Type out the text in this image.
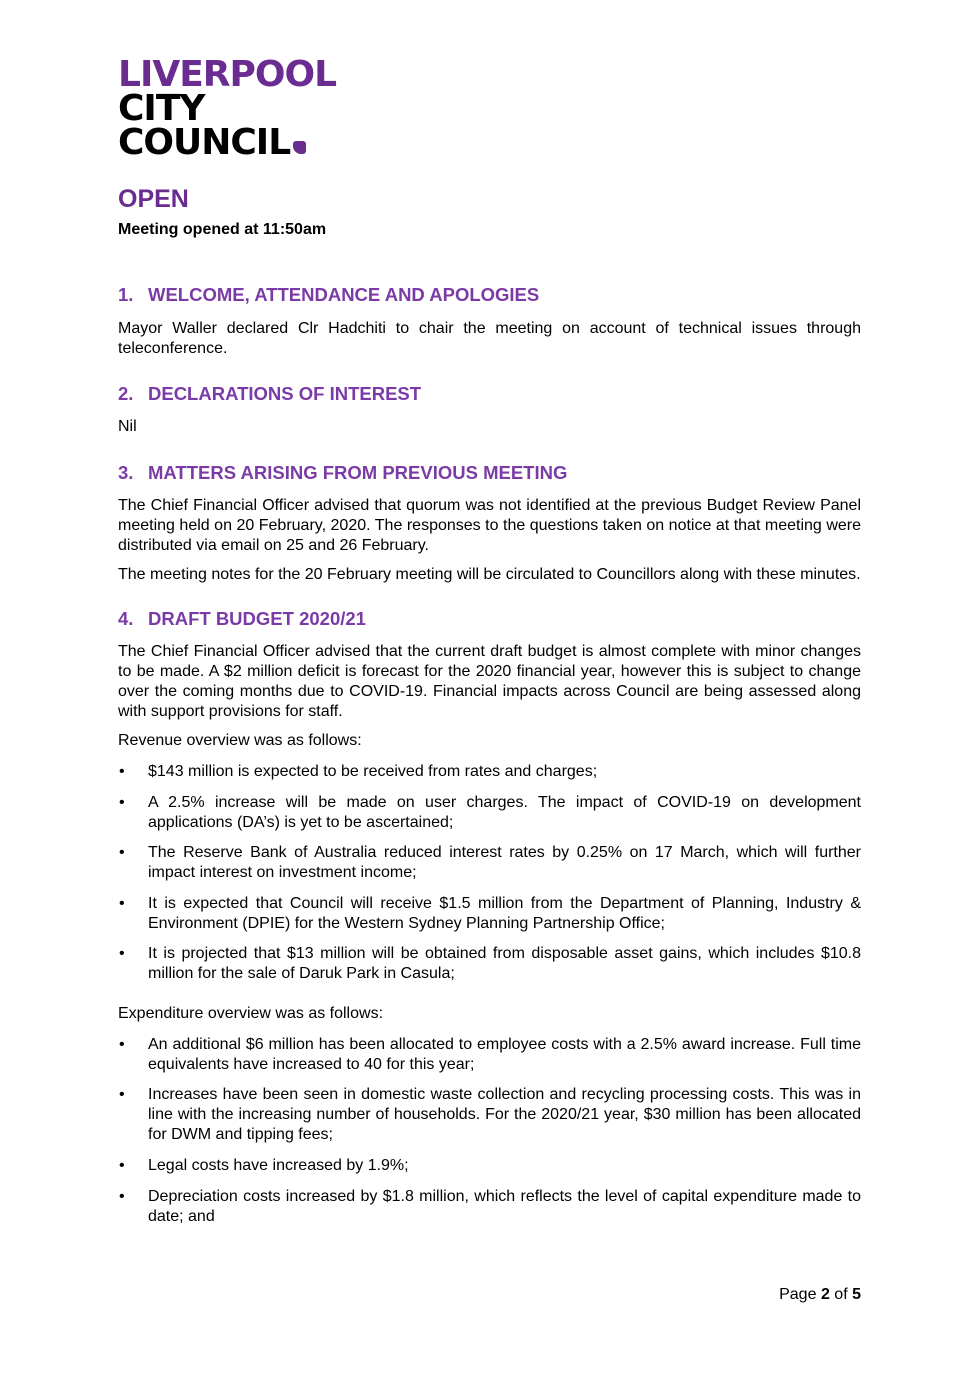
LIVERPOOL
CITY
COUNCIL
OPEN

Meeting opened at 11:50am

1. WELCOME, ATTENDANCE AND APOLOGIES

Mayor Waller declared Clr Hadchiti to chair the meeting on account of technical issues through teleconference.

2. DECLARATIONS OF INTEREST

Nil

3. MATTERS ARISING FROM PREVIOUS MEETING

The Chief Financial Officer advised that quorum was not identified at the previous Budget Review Panel meeting held on 20 February, 2020. The responses to the questions taken on notice at that meeting were distributed via email on 25 and 26 February.

The meeting notes for the 20 February meeting will be circulated to Councillors along with these minutes.

4. DRAFT BUDGET 2020/21

The Chief Financial Officer advised that the current draft budget is almost complete with minor changes to be made. A $2 million deficit is forecast for the 2020 financial year, however this is subject to change over the coming months due to COVID-19. Financial impacts across Council are being assessed along with support provisions for staff.

Revenue overview was as follows:

• $143 million is expected to be received from rates and charges;
• A 2.5% increase will be made on user charges. The impact of COVID-19 on development applications (DA’s) is yet to be ascertained;
• The Reserve Bank of Australia reduced interest rates by 0.25% on 17 March, which will further impact interest on investment income;
• It is expected that Council will receive $1.5 million from the Department of Planning, Industry & Environment (DPIE) for the Western Sydney Planning Partnership Office;
• It is projected that $13 million will be obtained from disposable asset gains, which includes $10.8 million for the sale of Daruk Park in Casula;

Expenditure overview was as follows:

• An additional $6 million has been allocated to employee costs with a 2.5% award increase. Full time equivalents have increased to 40 for this year;
• Increases have been seen in domestic waste collection and recycling processing costs. This was in line with the increasing number of households. For the 2020/21 year, $30 million has been allocated for DWM and tipping fees;
• Legal costs have increased by 1.9%;
• Depreciation costs increased by $1.8 million, which reflects the level of capital expenditure made to date; and
Page 2 of 5
